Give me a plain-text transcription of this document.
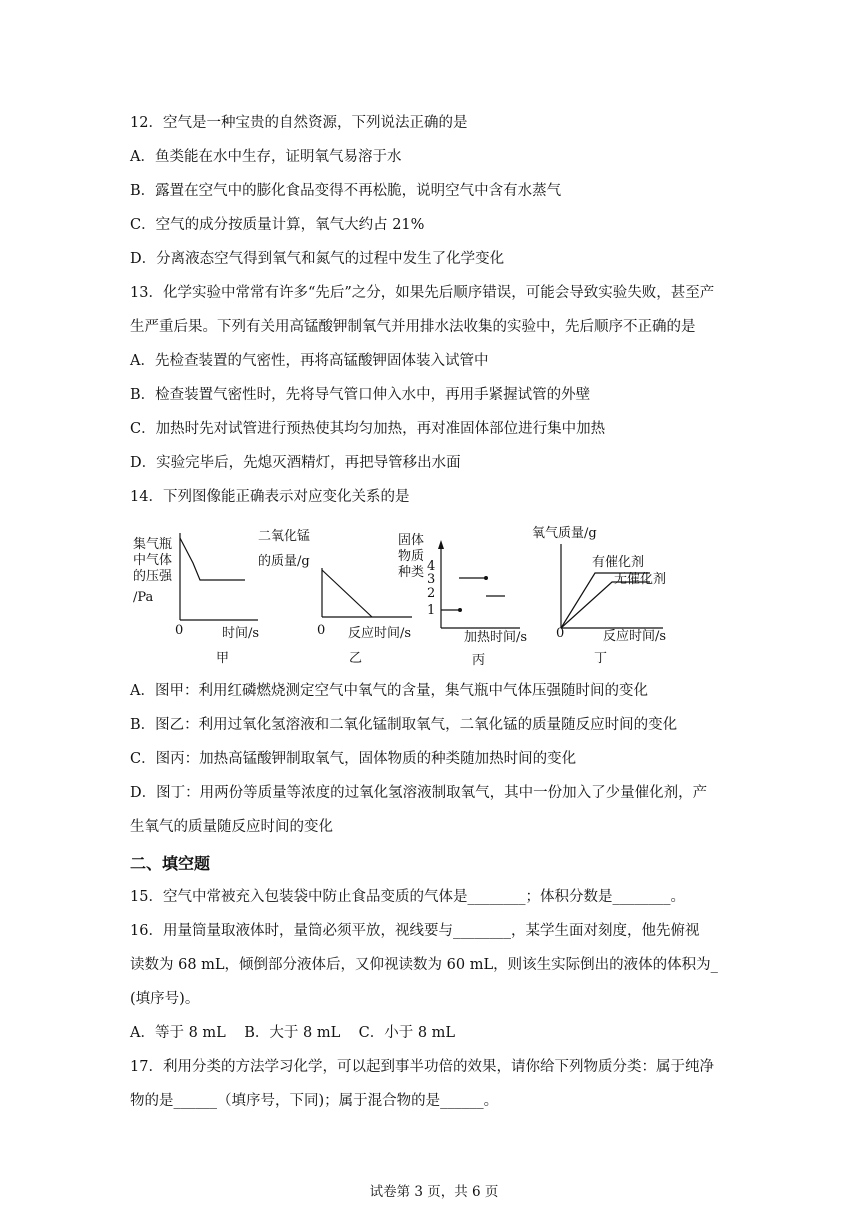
12．空气是一种宝贵的自然资源，下列说法正确的是
A．鱼类能在水中生存，证明氧气易溶于水
B．露置在空气中的膨化食品变得不再松脆，说明空气中含有水蒸气
C．空气的成分按质量计算，氧气大约占 21%
D．分离液态空气得到氧气和氮气的过程中发生了化学变化
13．化学实验中常常有许多“先后”之分，如果先后顺序错误，可能会导致实验失败，甚至产
生严重后果。下列有关用高锰酸钾制氧气并用排水法收集的实验中，先后顺序不正确的是
A．先检查装置的气密性，再将高锰酸钾固体装入试管中
B．检查装置气密性时，先将导气管口伸入水中，再用手紧握试管的外壁
C．加热时先对试管进行预热使其均匀加热，再对准固体部位进行集中加热
D．实验完毕后，先熄灭酒精灯，再把导管移出水面
14．下列图像能正确表示对应变化关系的是
集气瓶
中气体
的压强
/Pa
0	时间/s
甲
二氧化锰
的质量/g
0 反应时间/s
乙
固体
物质
种类 4
3
2
1
加热时间/s
丙
氧气质量/g
有催化剂
无催化剂
0	反应时间/s
丁
A．图甲：利用红磷燃烧测定空气中氧气的含量，集气瓶中气体压强随时间的变化
B．图乙：利用过氧化氢溶液和二氧化锰制取氧气，二氧化锰的质量随反应时间的变化
C．图丙：加热高锰酸钾制取氧气，固体物质的种类随加热时间的变化
D．图丁：用两份等质量等浓度的过氧化氢溶液制取氧气，其中一份加入了少量催化剂，产
生氧气的质量随反应时间的变化
二、填空题
15．空气中常被充入包装袋中防止食品变质的气体是________；体积分数是________。
16．用量筒量取液体时，量筒必须平放，视线要与________，某学生面对刻度，他先俯视
读数为 68 mL，倾倒部分液体后，又仰视读数为 60 mL，则该生实际倒出的液体的体积为_
(填序号)。
A．等于 8 mL    B．大于 8 mL    C．小于 8 mL
17．利用分类的方法学习化学，可以起到事半功倍的效果，请你给下列物质分类：属于纯净
物的是______（填序号，下同)；属于混合物的是______。
试卷第 3 页，共 6 页
